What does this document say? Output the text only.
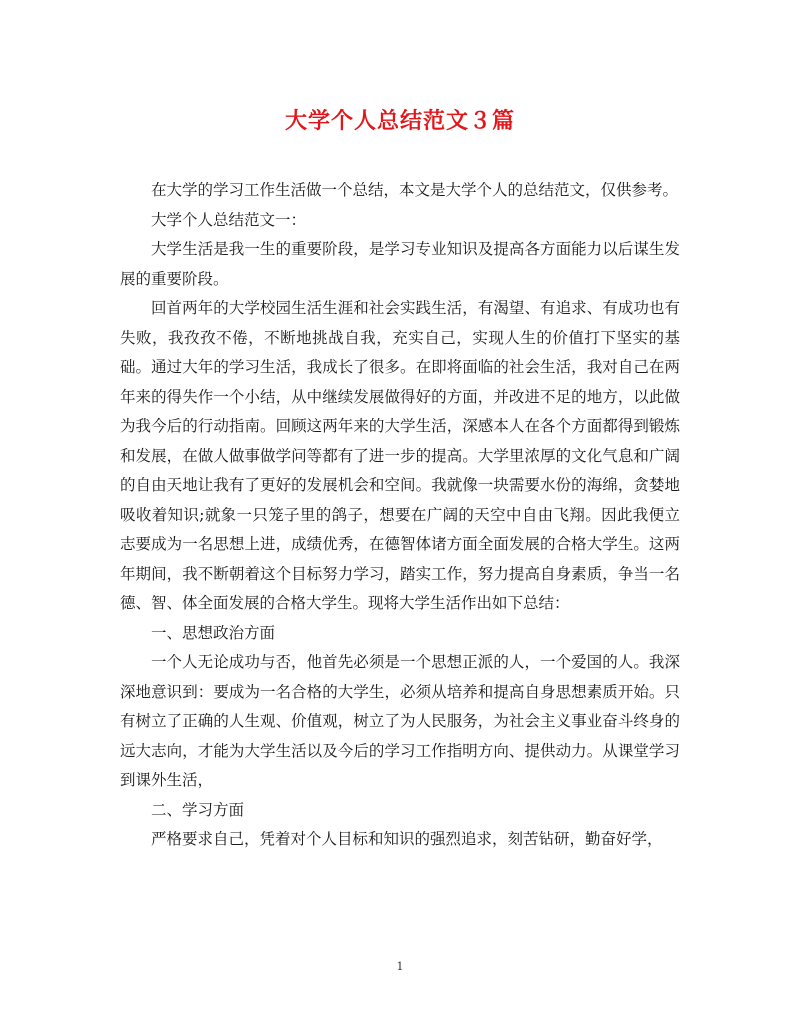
大学个人总结范文３篇

在大学的学习工作生活做一个总结，本文是大学个人的总结范文，仅供参考。

大学个人总结范文一：

大学生活是我一生的重要阶段，是学习专业知识及提高各方面能力以后谋生发展的重要阶段。

回首两年的大学校园生活生涯和社会实践生活，有渴望、有追求、有成功也有失败，我孜孜不倦，不断地挑战自我，充实自己，实现人生的价值打下坚实的基础。通过大年的学习生活，我成长了很多。在即将面临的社会生活，我对自己在两年来的得失作一个小结，从中继续发展做得好的方面，并改进不足的地方，以此做为我今后的行动指南。回顾这两年来的大学生活，深感本人在各个方面都得到锻炼和发展，在做人做事做学问等都有了进一步的提高。大学里浓厚的文化气息和广阔的自由天地让我有了更好的发展机会和空间。我就像一块需要水份的海绵，贪婪地吸收着知识;就象一只笼子里的鸽子，想要在广阔的天空中自由飞翔。因此我便立志要成为一名思想上进，成绩优秀，在德智体诸方面全面发展的合格大学生。这两年期间，我不断朝着这个目标努力学习，踏实工作，努力提高自身素质，争当一名德、智、体全面发展的合格大学生。现将大学生活作出如下总结：

一、思想政治方面

一个人无论成功与否，他首先必须是一个思想正派的人，一个爱国的人。我深深地意识到：要成为一名合格的大学生，必须从培养和提高自身思想素质开始。只有树立了正确的人生观、价值观，树立了为人民服务，为社会主义事业奋斗终身的远大志向，才能为大学生活以及今后的学习工作指明方向、提供动力。从课堂学习到课外生活，

二、学习方面

严格要求自己，凭着对个人目标和知识的强烈追求，刻苦钻研，勤奋好学，

1
